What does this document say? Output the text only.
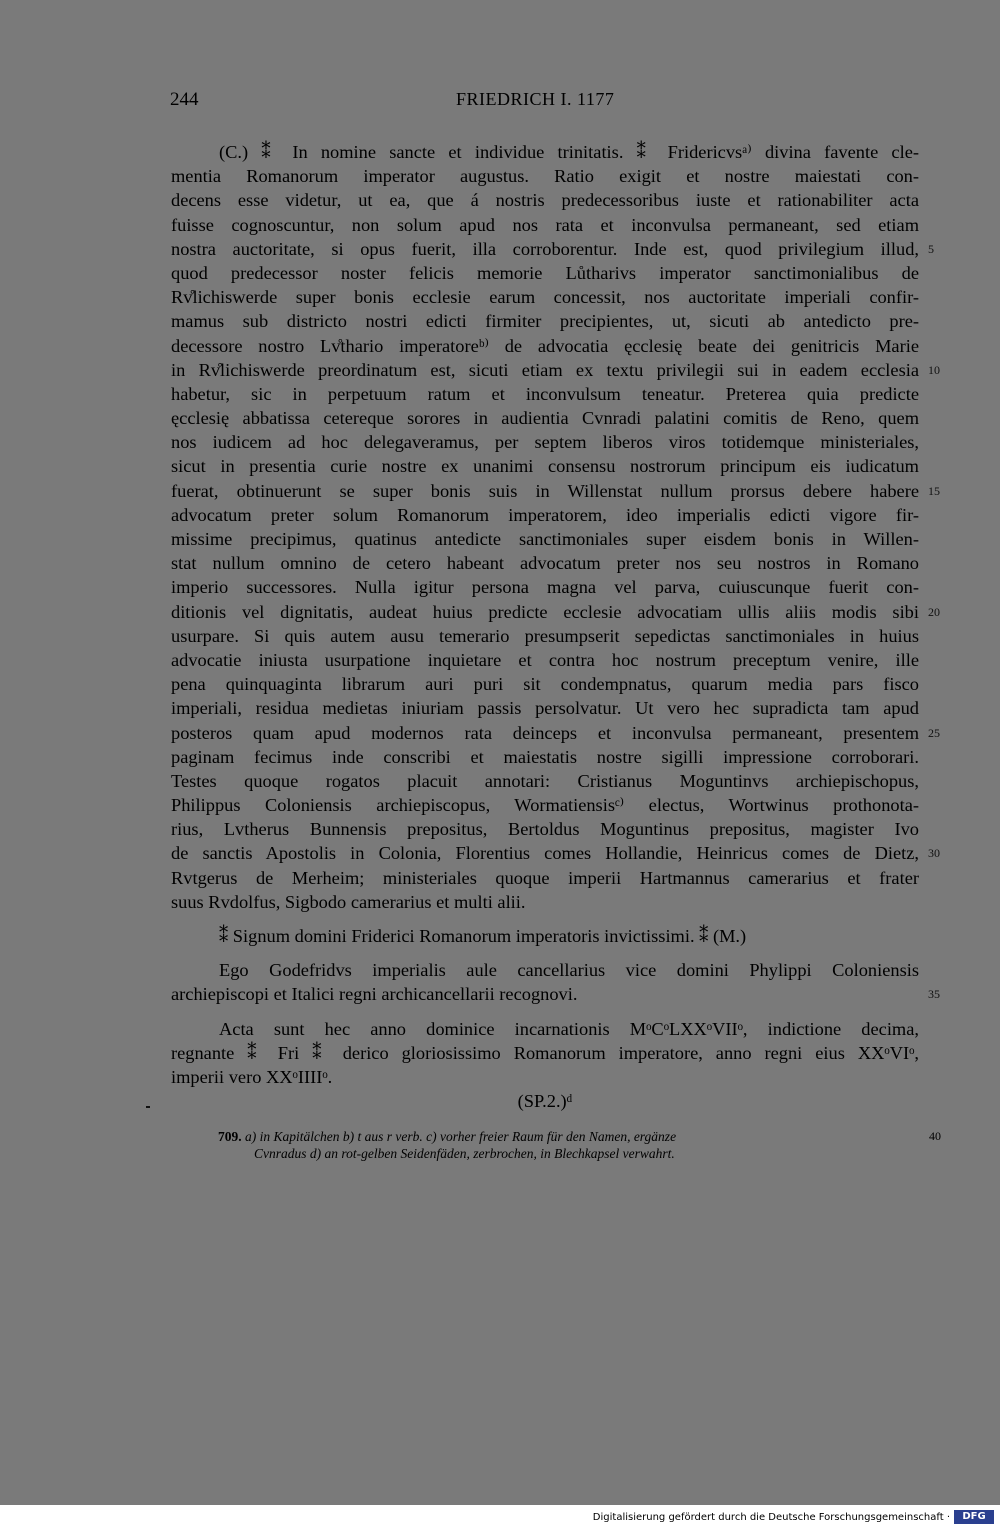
244	FRIEDRICH I. 1177
(C.) ⁑ In nomine sancte et individue trinitatis. ⁑ Fridericvsᵃ⁾ divina favente cle-
mentia Romanorum imperator augustus. Ratio exigit et nostre maiestati con-
decens esse videtur, ut ea, que á nostris predecessoribus iuste et rationabiliter acta
fuisse cognoscuntur, non solum apud nos rata et inconvulsa permaneant, sed etiam
nostra auctoritate, si opus fuerit, illa corroborentur. Inde est, quod privilegium illud, 5
quod predecessor noster felicis memorie Lůtharivs imperator sanctimonialibus de
Rv̊lichiswerde super bonis ecclesie earum concessit, nos auctoritate imperiali confir-
mamus sub districto nostri edicti firmiter precipientes, ut, sicuti ab antedicto pre-
decessore nostro Lv̊thario imperatoreᵇ⁾ de advocatia ęcclesię beate dei genitricis Marie
in Rv̊lichiswerde preordinatum est, sicuti etiam ex textu privilegii sui in eadem ecclesia 10
habetur, sic in perpetuum ratum et inconvulsum teneatur. Preterea quia predicte
ęcclesię abbatissa cetereque sorores in audientia Cvnradi palatini comitis de Reno, quem
nos iudicem ad hoc delegaveramus, per septem liberos viros totidemque ministeriales,
sicut in presentia curie nostre ex unanimi consensu nostrorum principum eis iudicatum
fuerat, obtinuerunt se super bonis suis in Willenstat nullum prorsus debere habere 15
advocatum preter solum Romanorum imperatorem, ideo imperialis edicti vigore fir-
missime precipimus, quatinus antedicte sanctimoniales super eisdem bonis in Willen-
stat nullum omnino de cetero habeant advocatum preter nos seu nostros in Romano
imperio successores. Nulla igitur persona magna vel parva, cuiuscunque fuerit con-
ditionis vel dignitatis, audeat huius predicte ecclesie advocatiam ullis aliis modis sibi 20
usurpare. Si quis autem ausu temerario presumpserit sepedictas sanctimoniales in huius
advocatie iniusta usurpatione inquietare et contra hoc nostrum preceptum venire, ille
pena quinquaginta librarum auri puri sit condempnatus, quarum media pars fisco
imperiali, residua medietas iniuriam passis persolvatur. Ut vero hec supradicta tam apud
posteros quam apud modernos rata deinceps et inconvulsa permaneant, presentem 25
paginam fecimus inde conscribi et maiestatis nostre sigilli impressione corroborari.
Testes quoque rogatos placuit annotari: Cristianus Moguntinvs archiepischopus,
Philippus Coloniensis archiepiscopus, Wormatiensisᶜ⁾ electus, Wortwinus prothonota-
rius, Lvtherus Bunnensis prepositus, Bertoldus Moguntinus prepositus, magister Ivo
de sanctis Apostolis in Colonia, Florentius comes Hollandie, Heinricus comes de Dietz, 30
Rvtgerus de Merheim; ministeriales quoque imperii Hartmannus camerarius et frater
suus Rvdolfus, Sigbodo camerarius et multi alii.
⁑ Signum domini Friderici Romanorum imperatoris invictissimi. ⁑ (M.)
Ego Godefridvs imperialis aule cancellarius vice domini Phylippi Coloniensis
archiepiscopi et Italici regni archicancellarii recognovi.	35
Acta sunt hec anno dominice incarnationis MᵒCᵒLXXᵒVIIᵒ, indictione decima,
regnante ⁑ Fri ⁑ derico gloriosissimo Romanorum imperatore, anno regni eius XXᵒVIᵒ,
imperii vero XXᵒIIIIᵒ.
(SP.2.)ᵈ
709. a) in Kapitälchen b) t aus r verb. c) vorher freier Raum für den Namen, ergänze	40
Cvnradus d) an rot-gelben Seidenfäden, zerbrochen, in Blechkapsel verwahrt.
Digitalisierung gefördert durch die Deutsche Forschungsgemeinschaft ·	DFG
